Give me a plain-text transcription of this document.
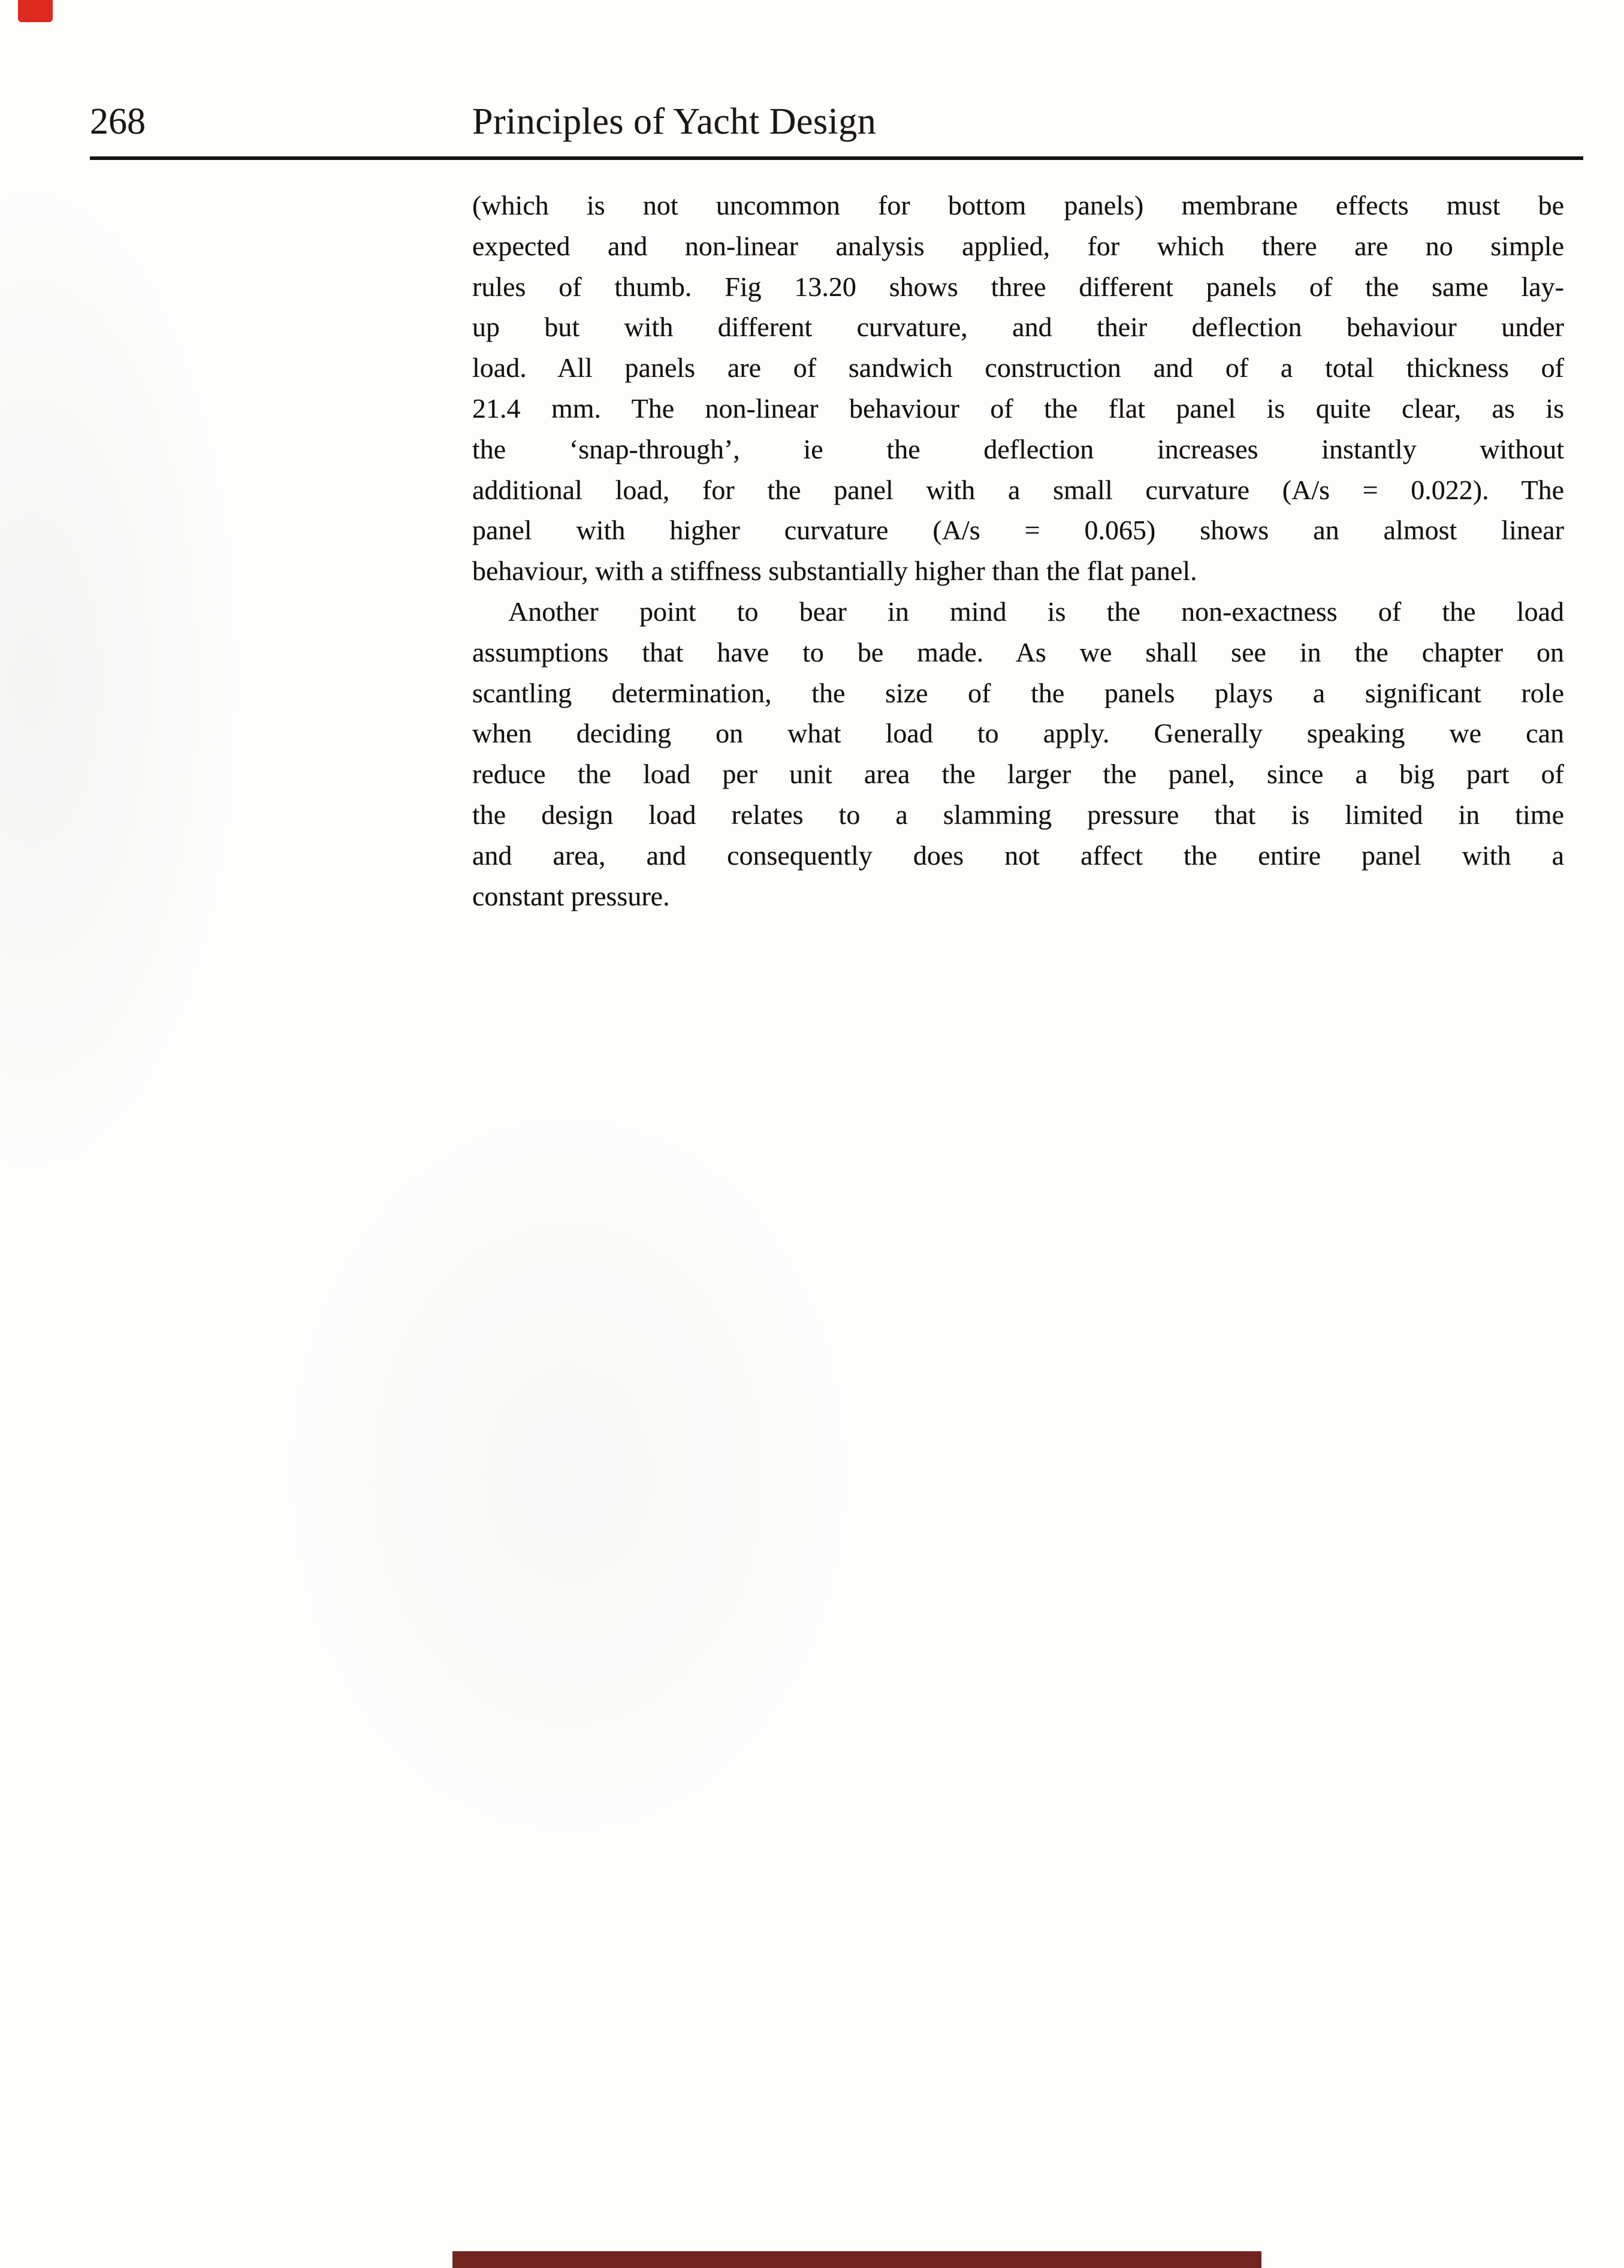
268	Principles of Yacht Design
(which is not uncommon for bottom panels) membrane effects must be
expected and non-linear analysis applied, for which there are no simple
rules of thumb. Fig 13.20 shows three different panels of the same lay-
up but with different curvature, and their deflection behaviour under
load. All panels are of sandwich construction and of a total thickness of
21.4 mm. The non-linear behaviour of the flat panel is quite clear, as is
the ‘snap-through’, ie the deflection increases instantly without
additional load, for the panel with a small curvature (A/s = 0.022). The
panel with higher curvature (A/s = 0.065) shows an almost linear
behaviour, with a stiffness substantially higher than the flat panel.
Another point to bear in mind is the non-exactness of the load
assumptions that have to be made. As we shall see in the chapter on
scantling determination, the size of the panels plays a significant role
when deciding on what load to apply. Generally speaking we can
reduce the load per unit area the larger the panel, since a big part of
the design load relates to a slamming pressure that is limited in time
and area, and consequently does not affect the entire panel with a
constant pressure.
